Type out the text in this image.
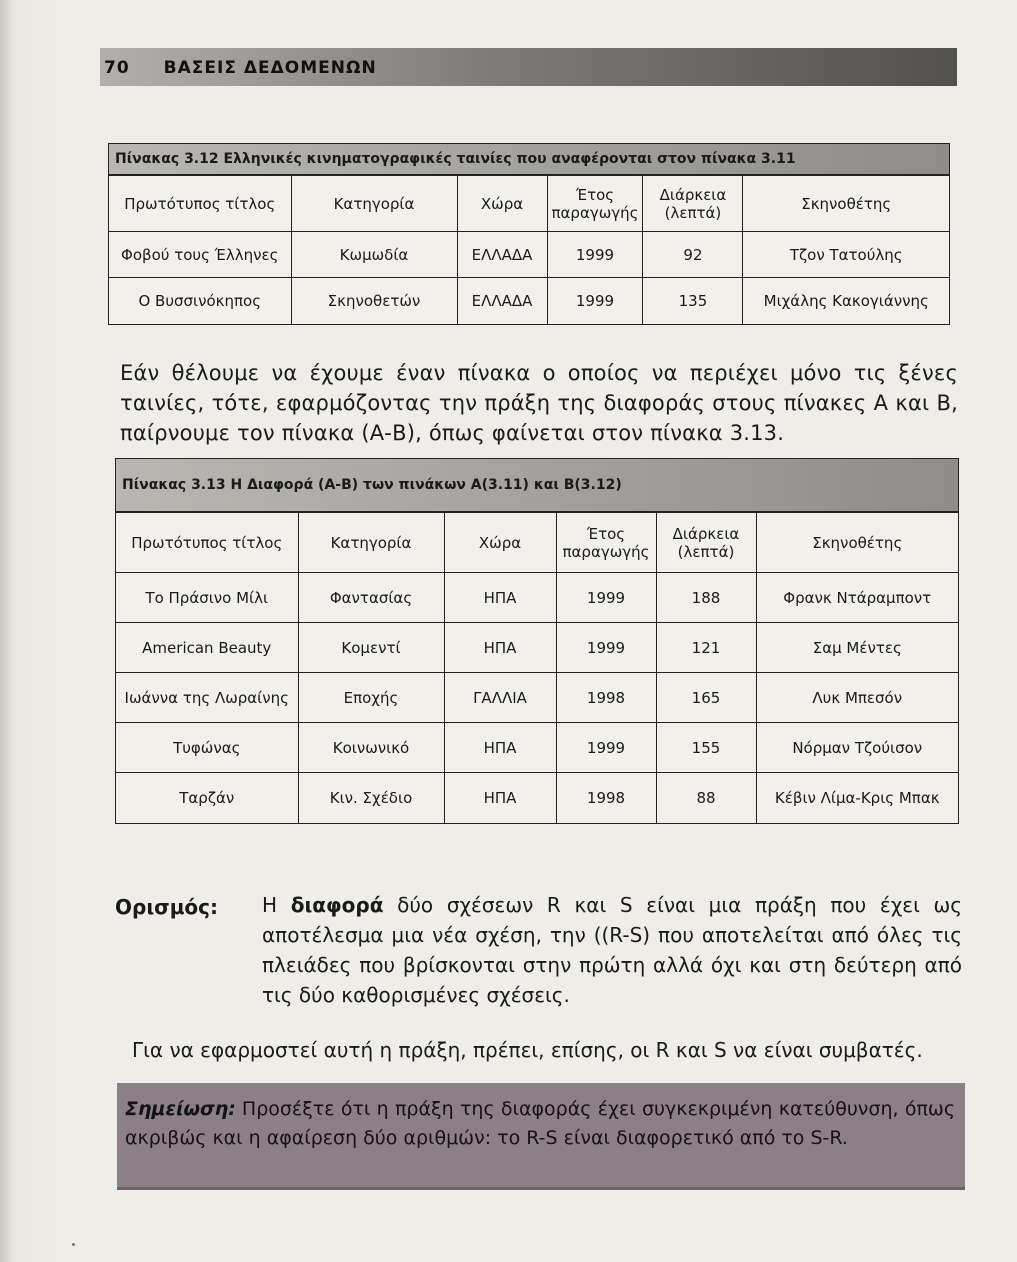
70 ΒΑΣΕΙΣ ΔΕΔΟΜΕΝΩΝ
Πίνακας 3.12 Ελληνικές κινηματογραφικές ταινίες που αναφέρονται στον πίνακα 3.11
Πρωτότυπος τίτλος	Κατηγορία	Χώρα	Έτος παραγωγής	Διάρκεια (λεπτά)	Σκηνοθέτης
Φοβού τους Έλληνες	Κωμωδία	ΕΛΛΑΔΑ	1999	92	Τζον Τατούλης
Ο Βυσσινόκηπος	Σκηνοθετών	ΕΛΛΑΔΑ	1999	135	Μιχάλης Κακογιάννης
Εάν θέλουμε να έχουμε έναν πίνακα ο οποίος να περιέχει μόνο τις ξένες ταινίες, τότε, εφαρμόζοντας την πράξη της διαφοράς στους πίνακες Α και Β, παίρνουμε τον πίνακα (Α-Β), όπως φαίνεται στον πίνακα 3.13.
Πίνακας 3.13 Η Διαφορά (Α-Β) των πινάκων Α(3.11) και Β(3.12)
Πρωτότυπος τίτλος	Κατηγορία	Χώρα	Έτος παραγωγής	Διάρκεια (λεπτά)	Σκηνοθέτης
Το Πράσινο Μίλι	Φαντασίας	ΗΠΑ	1999	188	Φρανκ Ντάραμποντ
American Beauty	Κομεντί	ΗΠΑ	1999	121	Σαμ Μέντες
Ιωάννα της Λωραίνης	Εποχής	ΓΑΛΛΙΑ	1998	165	Λυκ Μπεσόν
Τυφώνας	Κοινωνικό	ΗΠΑ	1999	155	Νόρμαν Τζούισον
Ταρζάν	Κιν. Σχέδιο	ΗΠΑ	1998	88	Κέβιν Λίμα-Κρις Μπακ
Ορισμός: Η διαφορά δύο σχέσεων R και S είναι μια πράξη που έχει ως αποτέλεσμα μια νέα σχέση, την ((R-S) που αποτελείται από όλες τις πλειάδες που βρίσκονται στην πρώτη αλλά όχι και στη δεύτερη από τις δύο καθορισμένες σχέσεις.
Για να εφαρμοστεί αυτή η πράξη, πρέπει, επίσης, οι R και S να είναι συμβατές.
Σημείωση: Προσέξτε ότι η πράξη της διαφοράς έχει συγκεκριμένη κατεύθυνση, όπως ακριβώς και η αφαίρεση δύο αριθμών: το R-S είναι διαφορετικό από το S-R.
